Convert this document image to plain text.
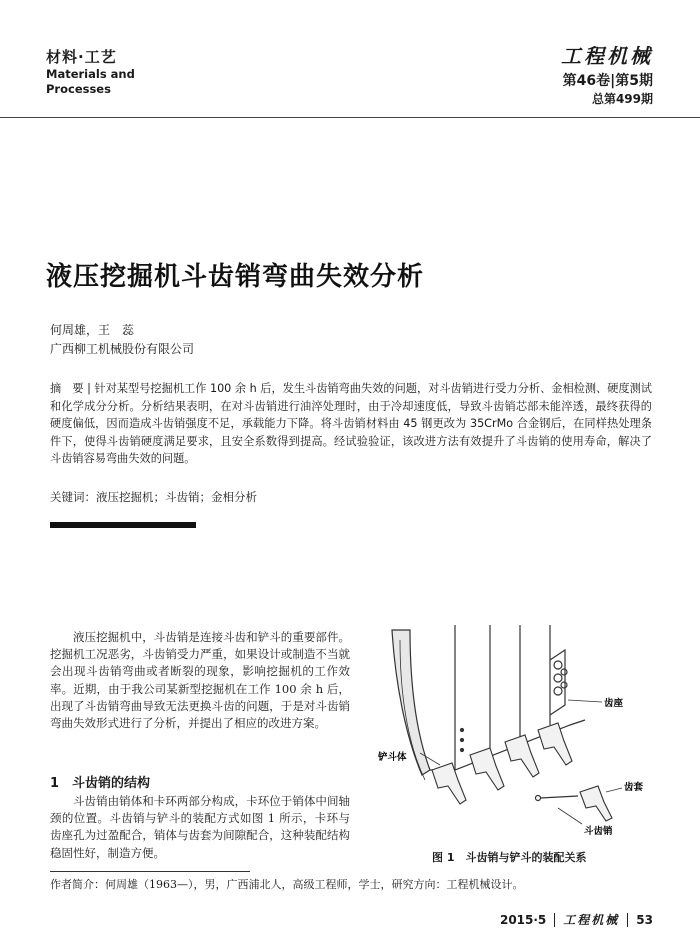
材料·工艺
Materials and
Processes
工程机械
第46卷|第5期
总第499期
液压挖掘机斗齿销弯曲失效分析
何周雄，王　蕊
广西柳工机械股份有限公司
摘　要 | 针对某型号挖掘机工作 100 余 h 后，发生斗齿销弯曲失效的问题，对斗齿销进行受力分析、金相检测、硬度测试和化学成分分析。分析结果表明，在对斗齿销进行油淬处理时，由于冷却速度低，导致斗齿销芯部未能淬透，最终获得的硬度偏低，因而造成斗齿销强度不足，承载能力下降。将斗齿销材料由 45 钢更改为 35CrMo 合金钢后，在同样热处理条件下，使得斗齿销硬度满足要求，且安全系数得到提高。经试验验证，该改进方法有效提升了斗齿销的使用寿命，解决了斗齿销容易弯曲失效的问题。
关键词：液压挖掘机；斗齿销；金相分析
液压挖掘机中，斗齿销是连接斗齿和铲斗的重要部件。挖掘机工况恶劣，斗齿销受力严重，如果设计或制造不当就会出现斗齿销弯曲或者断裂的现象，影响挖掘机的工作效率。近期，由于我公司某新型挖掘机在工作 100 余 h 后，出现了斗齿销弯曲导致无法更换斗齿的问题，于是对斗齿销弯曲失效形式进行了分析，并提出了相应的改进方案。
1　斗齿销的结构
斗齿销由销体和卡环两部分构成，卡环位于销体中间轴颈的位置。斗齿销与铲斗的装配方式如图 1 所示，卡环与齿座孔为过盈配合，销体与齿套为间隙配合，这种装配结构稳固性好，制造方便。
齿座
铲斗体
齿套
斗齿销
图 1　斗齿销与铲斗的装配关系
作者简介：何周雄（1963—），男，广西浦北人，高级工程师，学士，研究方向：工程机械设计。
2015·5 工程机械 53
